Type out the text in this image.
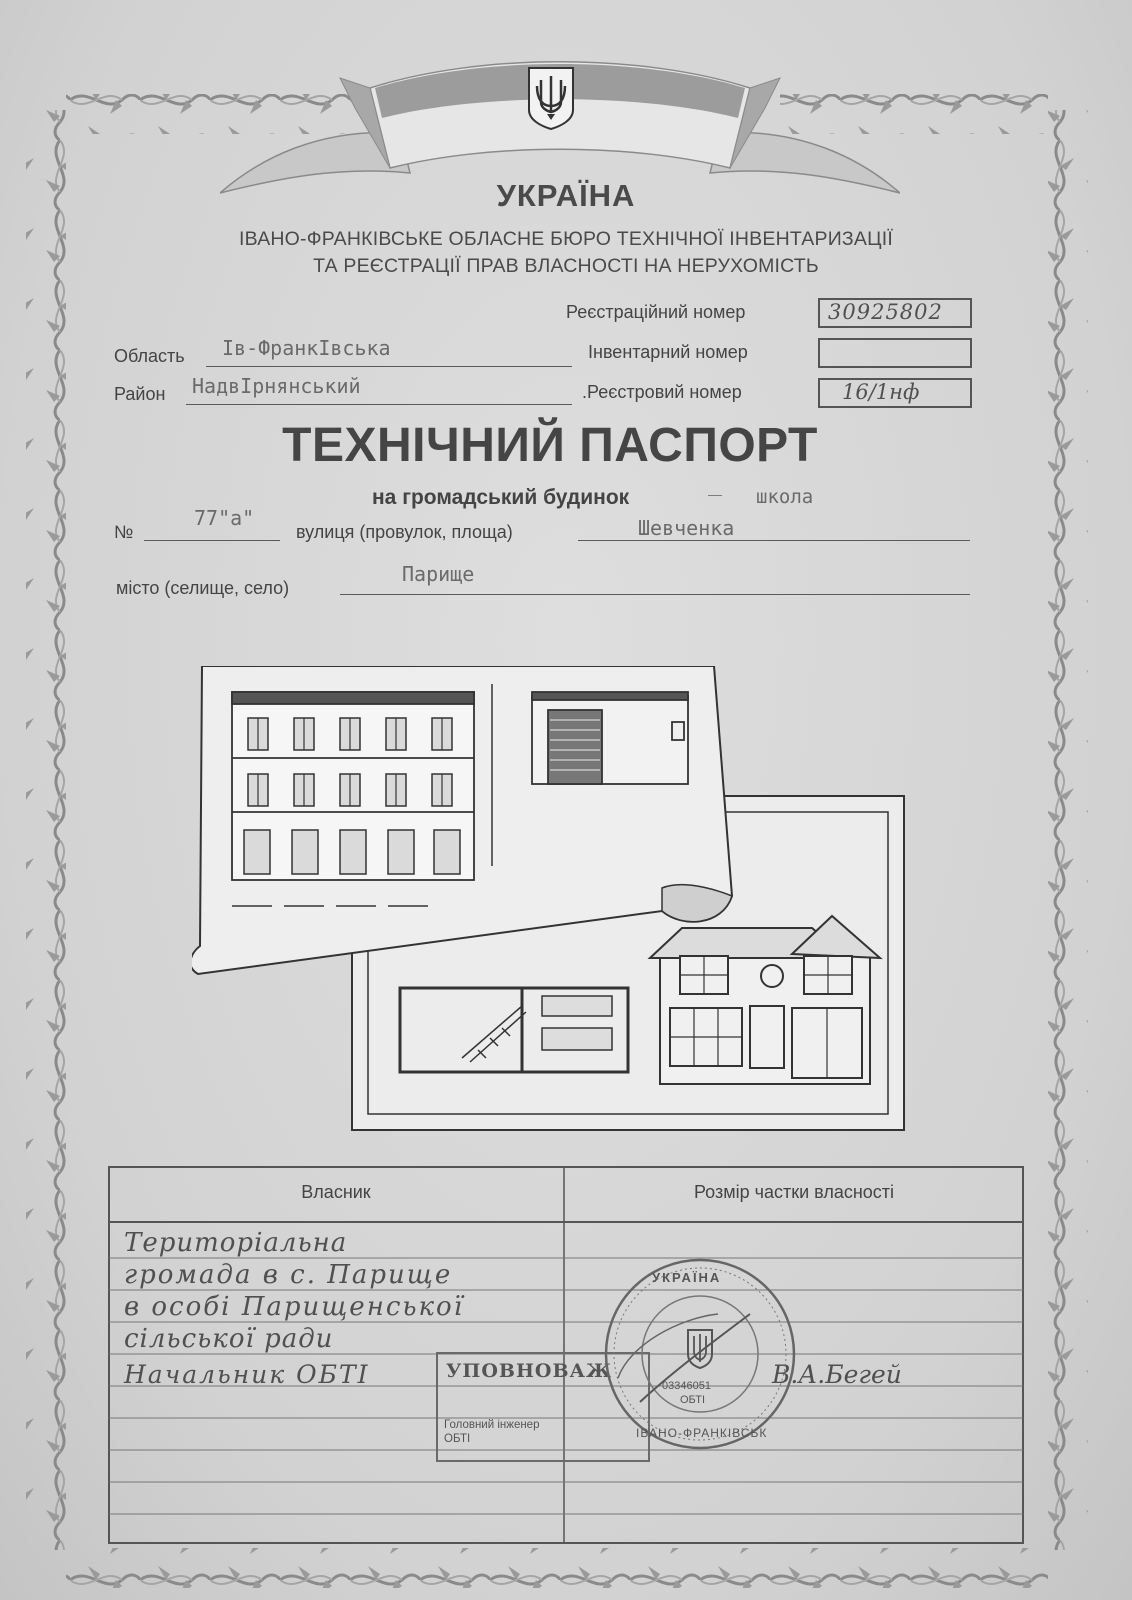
УКРАЇНА
ІВАНО-ФРАНКІВСЬКЕ ОБЛАСНЕ БЮРО ТЕХНІЧНОЇ ІНВЕНТАРИЗАЦІЇ
ТА РЕЄСТРАЦІЇ ПРАВ ВЛАСНОСТІ НА НЕРУХОМІСТЬ
Реєстраційний номер	30925802
Інвентарний номер
.Реєстровий номер	16/1нф
Область Ів-ФранкІвська
Район НадвІрнянський
ТЕХНІЧНИЙ ПАСПОРТ
на громадський будинок	— школа
№
77"а"
вулиця (провулок, площа)	Шевченка
місто (селище, село)
Парище
Власник	Розмір частки власності
Територіальна
громада в с. Парище
в особі Парищенської
сільської ради
Начальник ОБТІ	В.А.Бегей
УПОВНОВАЖ
Головний інженер ОБТІ
УКРАЇНА
03346051
ОБТІ
ІВАНО-ФРАНКІВСЬК
